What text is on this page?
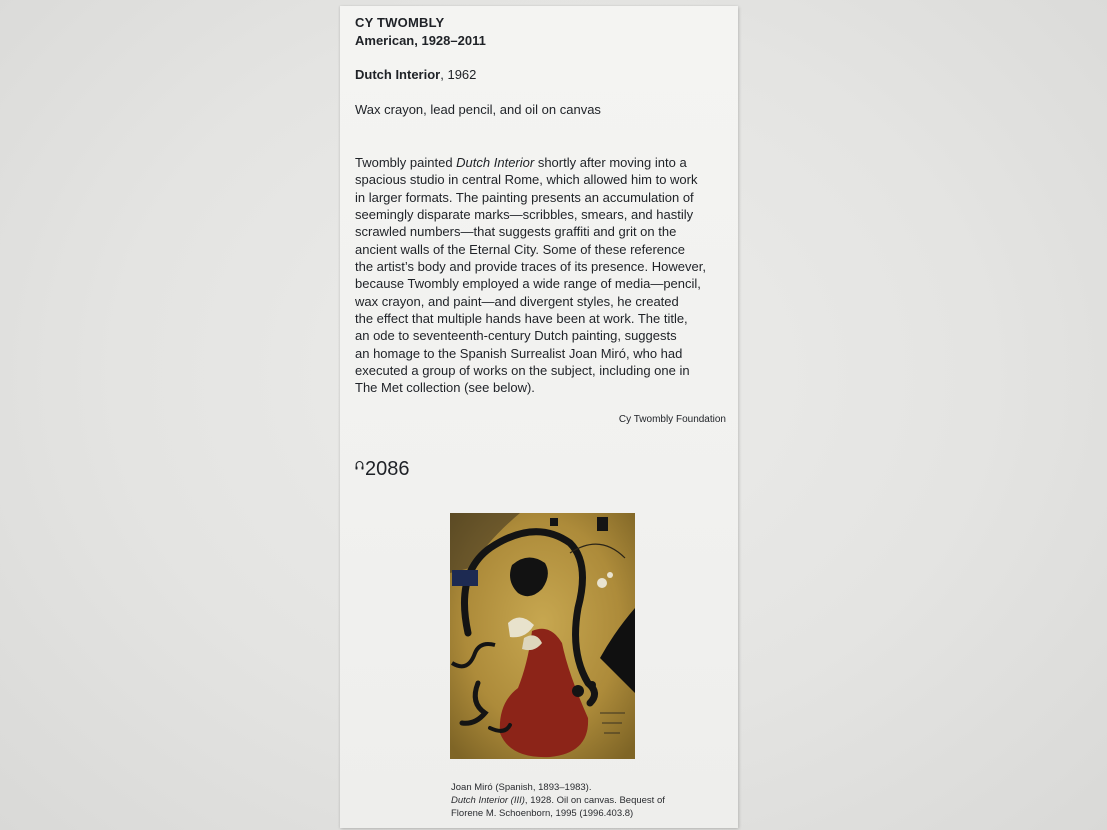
CY TWOMBLY
American, 1928–2011
Dutch Interior, 1962
Wax crayon, lead pencil, and oil on canvas
Twombly painted Dutch Interior shortly after moving into a
spacious studio in central Rome, which allowed him to work
in larger formats. The painting presents an accumulation of
seemingly disparate marks—scribbles, smears, and hastily
scrawled numbers—that suggests graffiti and grit on the
ancient walls of the Eternal City. Some of these reference
the artist’s body and provide traces of its presence. However,
because Twombly employed a wide range of media—pencil,
wax crayon, and paint—and divergent styles, he created
the effect that multiple hands have been at work. The title,
an ode to seventeenth-century Dutch painting, suggests
an homage to the Spanish Surrealist Joan Miró, who had
executed a group of works on the subject, including one in
The Met collection (see below).
Cy Twombly Foundation
2086
Joan Miró (Spanish, 1893–1983).
Dutch Interior (III), 1928. Oil on canvas. Bequest of
Florene M. Schoenborn, 1995 (1996.403.8)
